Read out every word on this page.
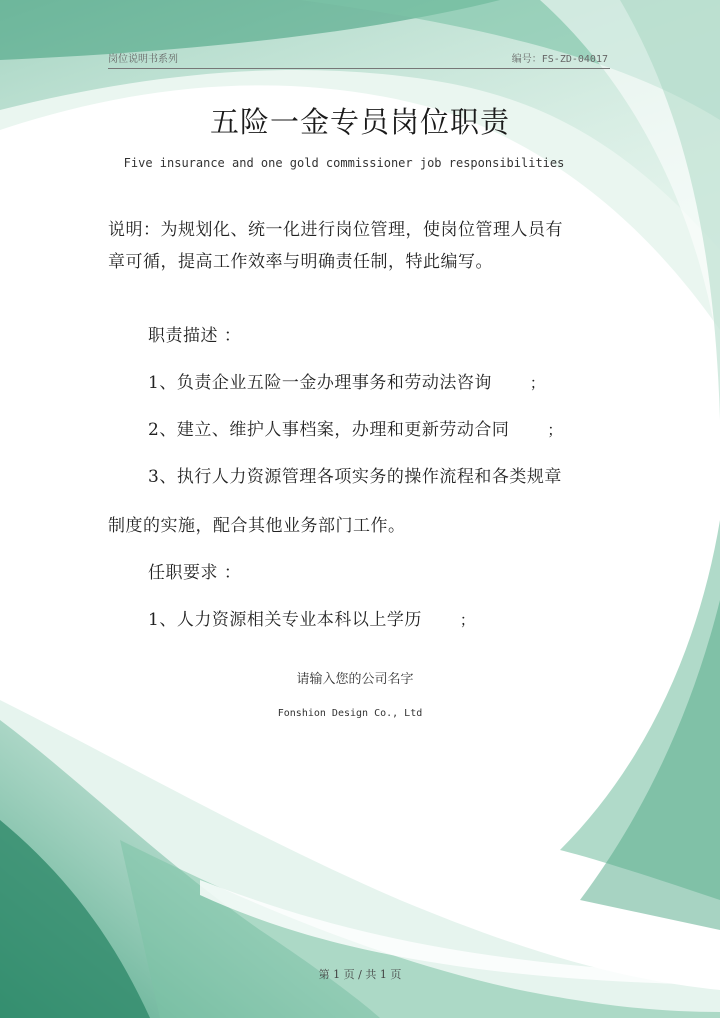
岗位说明书系列	编号：FS-ZD-04017
五险一金专员岗位职责
Five insurance and one gold commissioner job responsibilities
说明：为规划化、统一化进行岗位管理，使岗位管理人员有章可循，提高工作效率与明确责任制，特此编写。
职责描述 ：
1、负责企业五险一金办理事务和劳动法咨询	；
2、建立、维护人事档案，办理和更新劳动合同	；
3、执行人力资源管理各项实务的操作流程和各类规章
制度的实施，配合其他业务部门工作。
任职要求 ：
1、人力资源相关专业本科以上学历	；
请输入您的公司名字
Fonshion Design Co., Ltd
第 1 页 / 共 1 页
